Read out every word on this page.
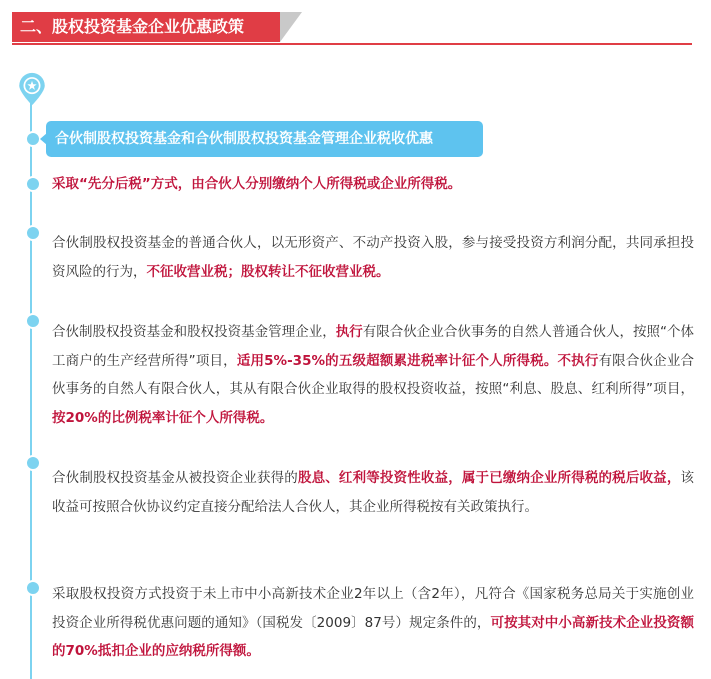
二、股权投资基金企业优惠政策
合伙制股权投资基金和合伙制股权投资基金管理企业税收优惠

采取“先分后税”方式，由合伙人分别缴纳个人所得税或企业所得税。

合伙制股权投资基金的普通合伙人，以无形资产、不动产投资入股，参与接受投资方利润分配，共同承担投资风险的行为，不征收营业税；股权转让不征收营业税。

合伙制股权投资基金和股权投资基金管理企业，执行有限合伙企业合伙事务的自然人普通合伙人，按照“个体工商户的生产经营所得”项目，适用5%-35%的五级超额累进税率计征个人所得税。不执行有限合伙企业合伙事务的自然人有限合伙人，其从有限合伙企业取得的股权投资收益，按照“利息、股息、红利所得”项目，按20%的比例税率计征个人所得税。

合伙制股权投资基金从被投资企业获得的股息、红利等投资性收益，属于已缴纳企业所得税的税后收益，该收益可按照合伙协议约定直接分配给法人合伙人，其企业所得税按有关政策执行。

采取股权投资方式投资于未上市中小高新技术企业2年以上（含2年），凡符合《国家税务总局关于实施创业投资企业所得税优惠问题的通知》（国税发〔2009〕87号）规定条件的，可按其对中小高新技术企业投资额的70%抵扣企业的应纳税所得额。
